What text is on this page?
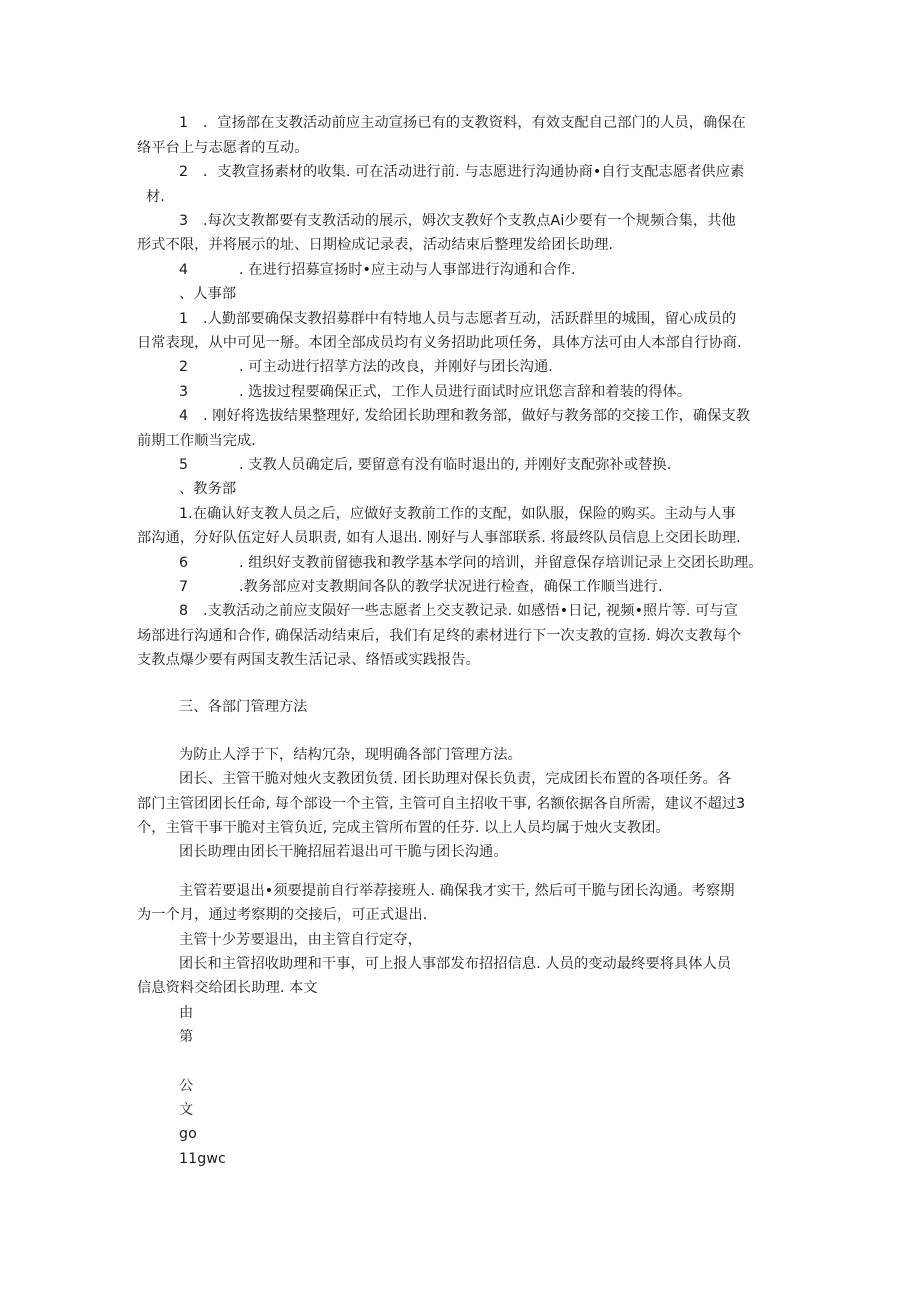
1 ．宣扬部在支教活动前应主动宣扬已有的支教资料，有效支配自己部门的人员，确保在
络平台上与志愿者的互动。
2 ．支教宣扬素材的收集. 可在活动进行前. 与志愿进行沟通协商•自行支配志愿者供应素
材.
3 .每次支教都要有支教活动的展示，姆次支教好个支教点Ai少要有一个规频合集，共他
形式不限，并将展示的址、日期检成记录表，活动结束后整理发给团长助理.
4	. 在进行招募宣扬时•应主动与人事部进行沟通和合作.
、人事部
1 .人勤部要确保支教招募群中有特地人员与志愿者互动，活跃群里的城围，留心成员的
日常表现，从中可见一掰。本团全部成员均有义务招助此项任务，具体方法可由人本部自行协商.
2	. 可主动进行招莩方法的改良，并刚好与团长沟通.
3	. 选拔过程要确保正式，工作人员进行面试时应讯您言辞和着装的得体。
4 . 刚好将选拔结果整理好, 发给团长助理和教务部，做好与教务部的交接工作，确保支教
前期工作顺当完成.
5	. 支教人员确定后, 要留意有没有临时退出的, 并刚好支配弥补或替换.
、教务部
1.在确认好支教人员之后，应做好支教前工作的支配，如队服，保险的购买。主动与人事
部沟通，分好队伍定好人员职责, 如有人退出. 刚好与人事部联系. 将最终队员信息上交团长助理.
6	. 组织好支教前留德我和教学基本学问的培训，并留意保存培训记录上交团长助理。
7	.教务部应对支教期间各队的教学状况进行检查，确保工作顺当进行.
8 .支教活动之前应支陨好一些志愿者上交支教记录. 如感悟•日记, 视频•照片等. 可与宣
场部进行沟通和合作, 确保活动结束后，我们有足终的素材进行下一次支教的宣扬. 姆次支教每个
支教点爆少要有两国支教生活记录、络悟或实践报告。
三、各部门管理方法
为防止人浮于下，结构冗杂，现明确各部门管理方法。
团长、主管干脆对烛火支教团负赁. 团长助理对保长负责，完成团长布置的各项任务。各
部门主管团团长任命, 每个部设一个主管, 主管可自主招收干事, 名额依据各自所需，建议不超过3
个，主管干事干脆对主管负近, 完成主管所布置的任芬. 以上人员均属于烛火支教团。
团长助理由团长干腌招屈若退出可干脆与团长沟通。
主管若要退出•须要提前自行举荐接班人. 确保我才实干, 然后可干脆与团长沟通。考察期
为一个月，通过考察期的交接后，可正式退出.
主管十少芳要退出，由主管自行定夺，
团长和主管招收助理和干事，可上报人事部发布招招信息. 人员的变动最终要将具体人员
信息资料交给团长助理. 本文
由
第
公
文
go
11gwc
